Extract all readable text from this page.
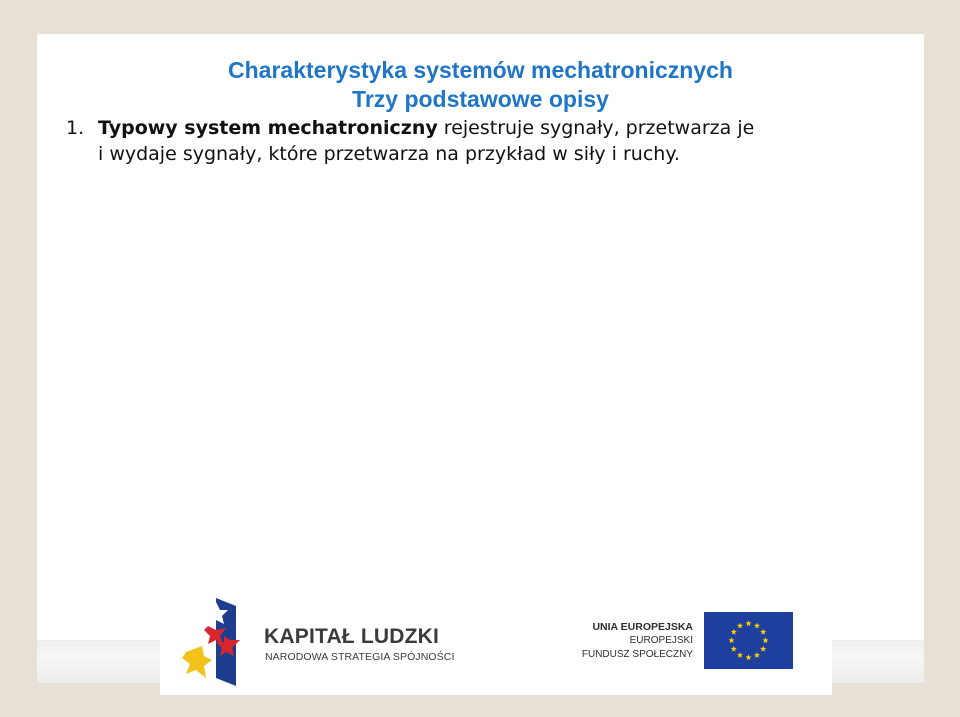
Charakterystyka systemów mechatronicznych
Trzy podstawowe opisy
1. Typowy system mechatroniczny rejestruje sygnały, przetwarza je
i wydaje sygnały, które przetwarza na przykład w siły i ruchy.
KAPITAŁ LUDZKI
NARODOWA STRATEGIA SPÓJNOŚCI
UNIA EUROPEJSKA
EUROPEJSKI
FUNDUSZ SPOŁECZNY
